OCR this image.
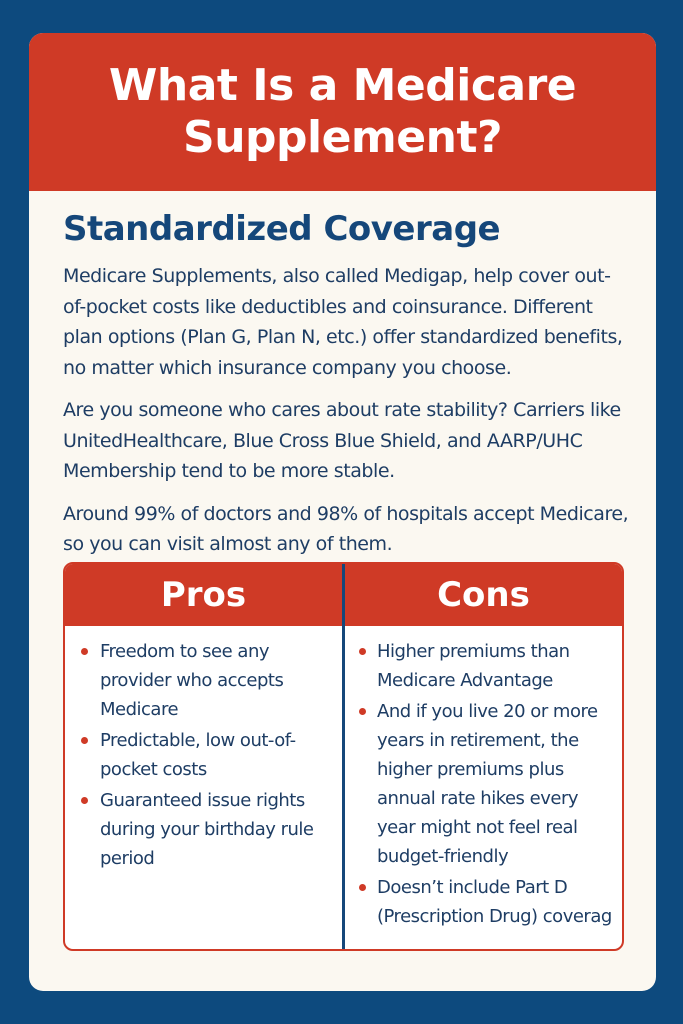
What Is a Medicare Supplement?
Standardized Coverage

Medicare Supplements, also called Medigap, help cover out-of-pocket costs like deductibles and coinsurance. Different plan options (Plan G, Plan N, etc.) offer standardized benefits, no matter which insurance company you choose.

Are you someone who cares about rate stability? Carriers like UnitedHealthcare, Blue Cross Blue Shield, and AARP/UHC Membership tend to be more stable.

Around 99% of doctors and 98% of hospitals accept Medicare, so you can visit almost any of them.

Pros
Freedom to see any provider who accepts Medicare
Predictable, low out-of-pocket costs
Guaranteed issue rights during your birthday rule period
Cons
Higher premiums than Medicare Advantage
And if you live 20 or more years in retirement, the higher premiums plus annual rate hikes every year might not feel real budget-friendly
Doesn’t include Part D (Prescription Drug) coverag
